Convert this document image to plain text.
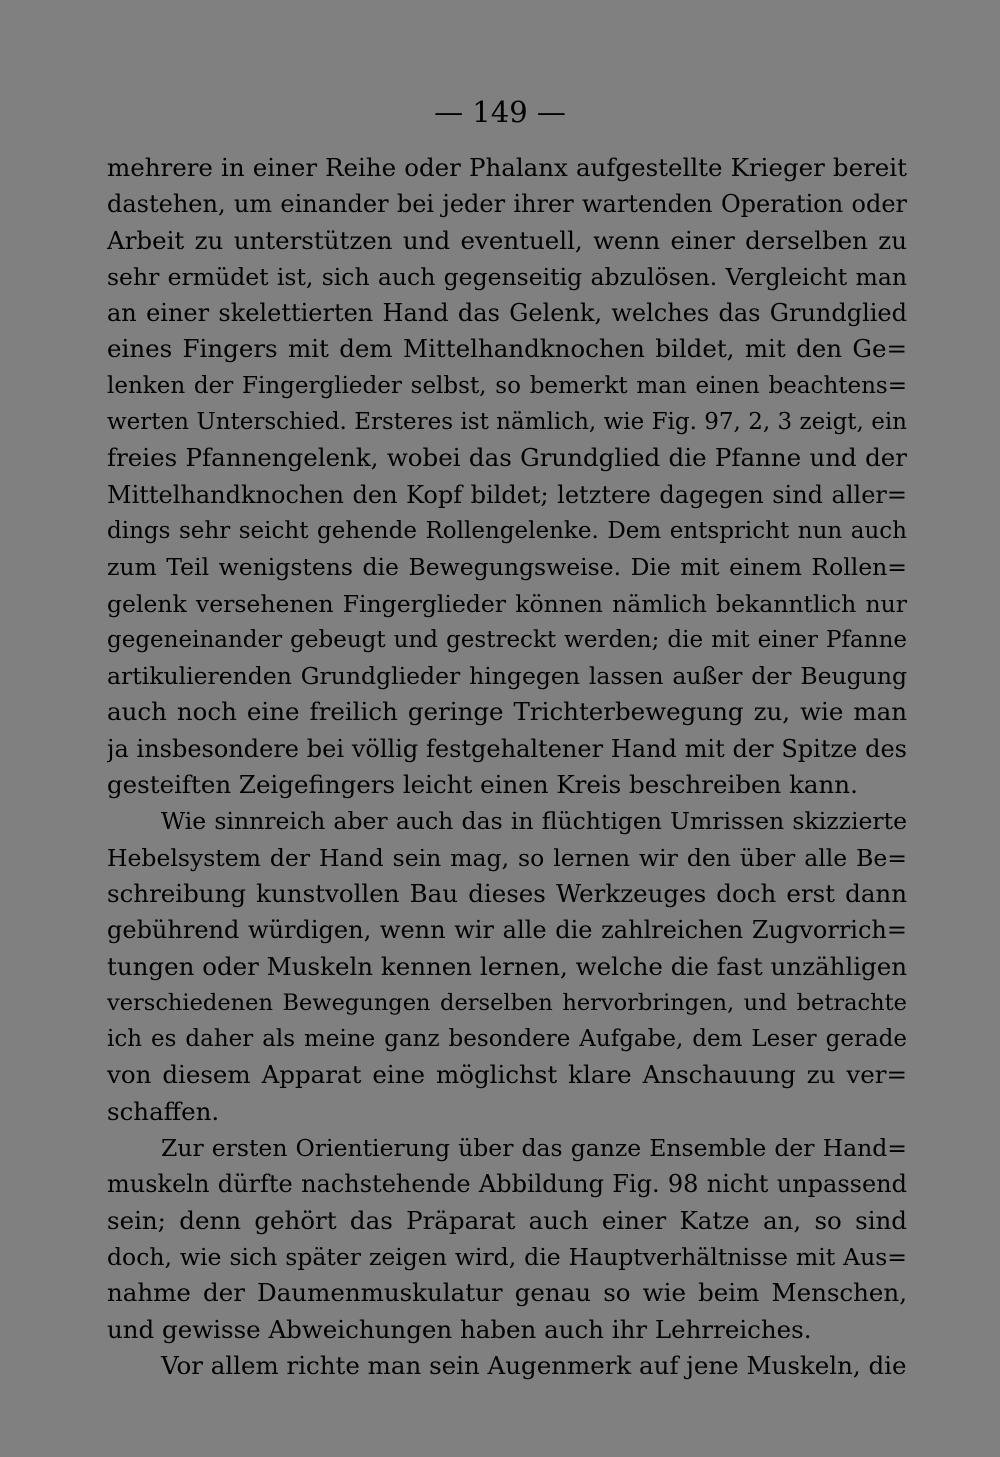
— 149 —
mehrere in einer Reihe oder Phalanx aufgestellte Krieger bereit
dastehen, um einander bei jeder ihrer wartenden Operation oder
Arbeit zu unterstützen und eventuell, wenn einer derselben zu
sehr ermüdet ist, sich auch gegenseitig abzulösen. Vergleicht man
an einer skelettierten Hand das Gelenk, welches das Grundglied
eines Fingers mit dem Mittelhandknochen bildet, mit den Ge=
lenken der Fingerglieder selbst, so bemerkt man einen beachtens=
werten Unterschied. Ersteres ist nämlich, wie Fig. 97, 2, 3 zeigt, ein
freies Pfannengelenk, wobei das Grundglied die Pfanne und der
Mittelhandknochen den Kopf bildet; letztere dagegen sind aller=
dings sehr seicht gehende Rollengelenke. Dem entspricht nun auch
zum Teil wenigstens die Bewegungsweise. Die mit einem Rollen=
gelenk versehenen Fingerglieder können nämlich bekanntlich nur
gegeneinander gebeugt und gestreckt werden; die mit einer Pfanne
artikulierenden Grundglieder hingegen lassen außer der Beugung
auch noch eine freilich geringe Trichterbewegung zu, wie man
ja insbesondere bei völlig festgehaltener Hand mit der Spitze des
gesteiften Zeigefingers leicht einen Kreis beschreiben kann.
Wie sinnreich aber auch das in flüchtigen Umrissen skizzierte
Hebelsystem der Hand sein mag, so lernen wir den über alle Be=
schreibung kunstvollen Bau dieses Werkzeuges doch erst dann
gebührend würdigen, wenn wir alle die zahlreichen Zugvorrich=
tungen oder Muskeln kennen lernen, welche die fast unzähligen
verschiedenen Bewegungen derselben hervorbringen, und betrachte
ich es daher als meine ganz besondere Aufgabe, dem Leser gerade
von diesem Apparat eine möglichst klare Anschauung zu ver=
schaffen.
Zur ersten Orientierung über das ganze Ensemble der Hand=
muskeln dürfte nachstehende Abbildung Fig. 98 nicht unpassend
sein; denn gehört das Präparat auch einer Katze an, so sind
doch, wie sich später zeigen wird, die Hauptverhältnisse mit Aus=
nahme der Daumenmuskulatur genau so wie beim Menschen,
und gewisse Abweichungen haben auch ihr Lehrreiches.
Vor allem richte man sein Augenmerk auf jene Muskeln, die
